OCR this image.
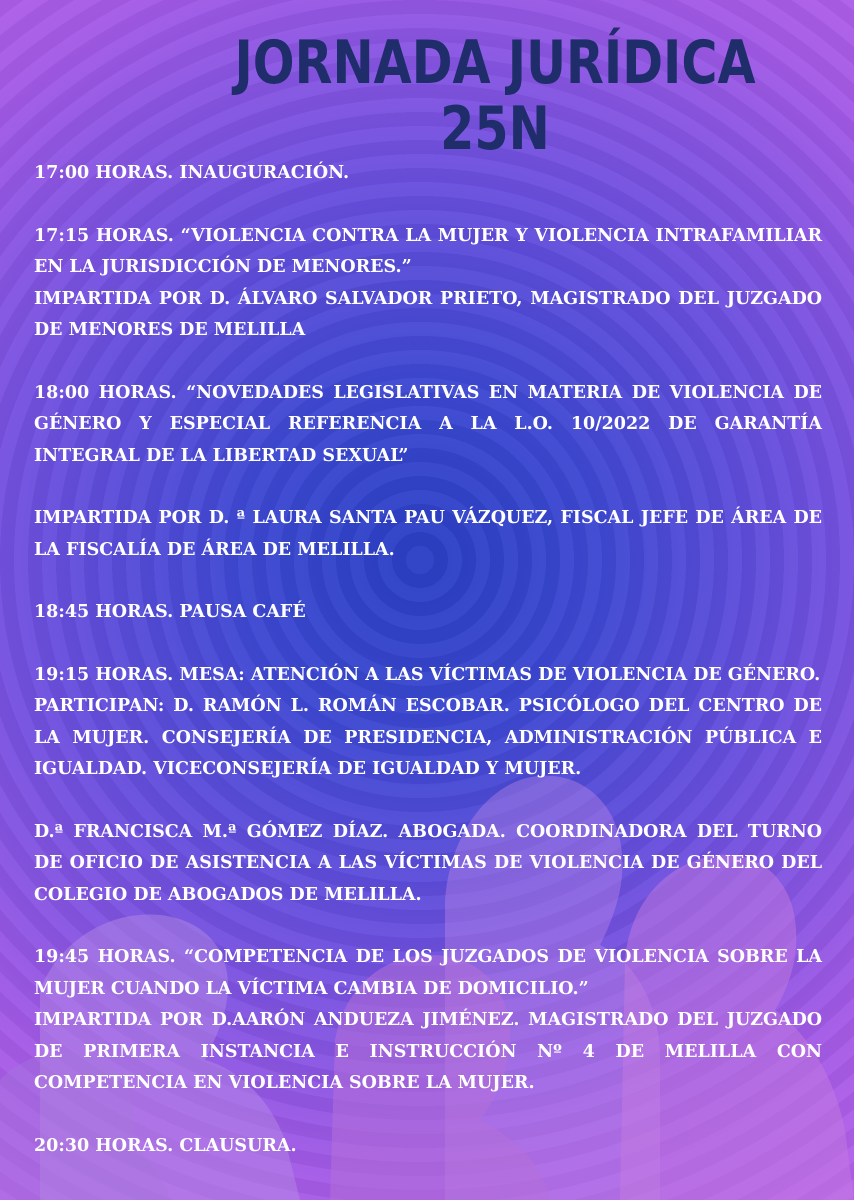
JORNADA JURÍDICA 25N

17:00 HORAS. INAUGURACIÓN.

17:15 HORAS. “VIOLENCIA CONTRA LA MUJER Y VIOLENCIA INTRAFAMILIAR EN LA JURISDICCIÓN DE MENORES.”

IMPARTIDA POR D. ÁLVARO SALVADOR PRIETO, MAGISTRADO DEL JUZGADO DE MENORES DE MELILLA

18:00 HORAS. “NOVEDADES LEGISLATIVAS EN MATERIA DE VIOLENCIA DE GÉNERO Y ESPECIAL REFERENCIA A LA L.O. 10/2022 DE GARANTÍA INTEGRAL DE LA LIBERTAD SEXUAL”

IMPARTIDA POR D. ª LAURA SANTA PAU VÁZQUEZ, FISCAL JEFE DE ÁREA DE LA FISCALÍA DE ÁREA DE MELILLA.

18:45 HORAS. PAUSA CAFÉ

19:15 HORAS. MESA: ATENCIÓN A LAS VÍCTIMAS DE VIOLENCIA DE GÉNERO.

PARTICIPAN: D. RAMÓN L. ROMÁN ESCOBAR. PSICÓLOGO DEL CENTRO DE LA MUJER. CONSEJERÍA DE PRESIDENCIA, ADMINISTRACIÓN PÚBLICA E IGUALDAD. VICECONSEJERÍA DE IGUALDAD Y MUJER.

D.ª FRANCISCA M.ª GÓMEZ DÍAZ. ABOGADA. COORDINADORA DEL TURNO DE OFICIO DE ASISTENCIA A LAS VÍCTIMAS DE VIOLENCIA DE GÉNERO DEL COLEGIO DE ABOGADOS DE MELILLA.

19:45 HORAS. “COMPETENCIA DE LOS JUZGADOS DE VIOLENCIA SOBRE LA MUJER CUANDO LA VÍCTIMA CAMBIA DE DOMICILIO.”

IMPARTIDA POR D.AARÓN ANDUEZA JIMÉNEZ. MAGISTRADO DEL JUZGADO DE PRIMERA INSTANCIA E INSTRUCCIÓN Nº 4 DE MELILLA CON COMPETENCIA EN VIOLENCIA SOBRE LA MUJER.

20:30 HORAS. CLAUSURA.
